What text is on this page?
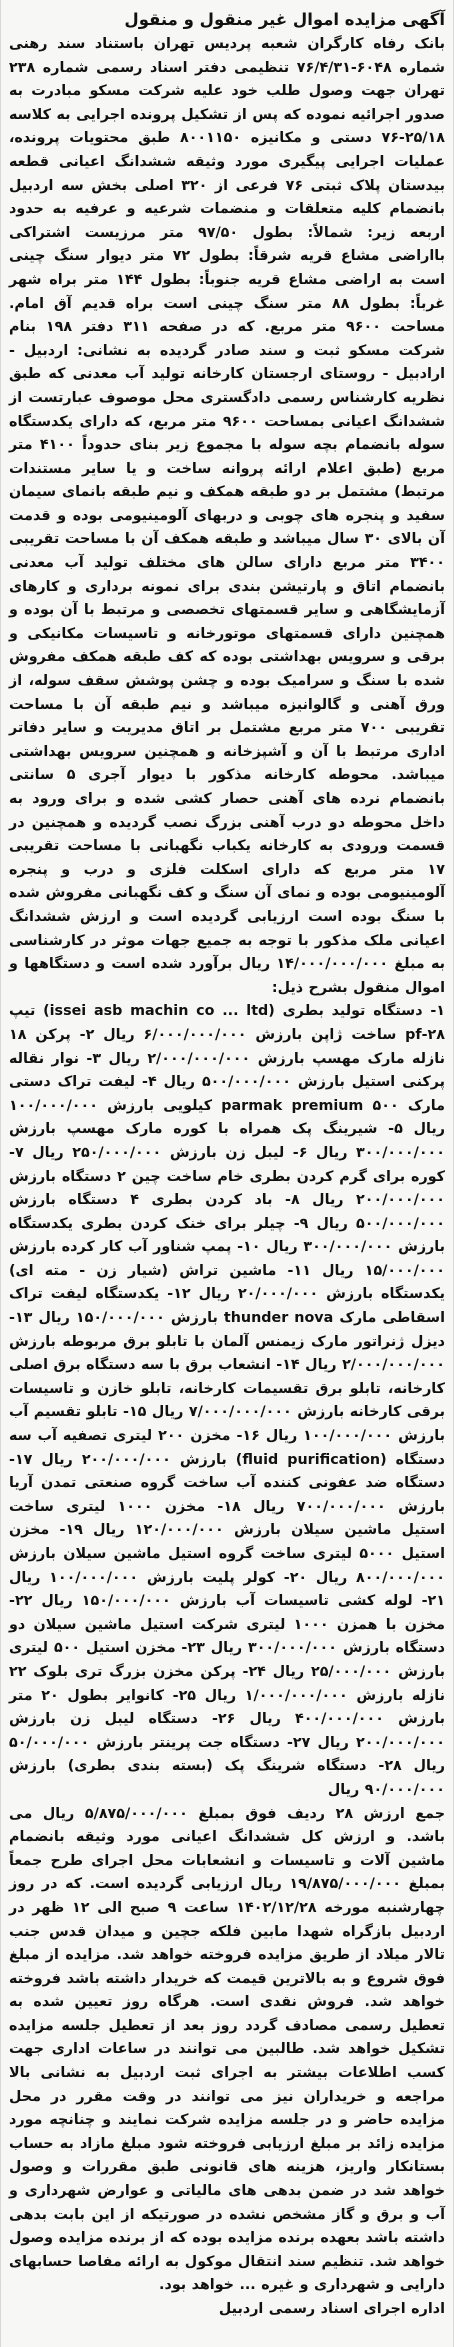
آگهی مزایده اموال غیر منقول و منقول
بانک رفاه کارگران شعبه پردیس تهران باستناد سند رهنی شماره ۶۰۴۸-۷۶/۴/۳۱ تنظیمی دفتر اسناد رسمی شماره ۲۳۸ تهران جهت وصول طلب خود علیه شرکت مسکو مبادرت به صدور اجرائیه نموده که پس از تشکیل پرونده اجرایی به کلاسه ۲۵/۱۸-۷۶ دستی و مکانیزه ۸۰۰۱۱۵۰ طبق محتویات پرونده، عملیات اجرایی پیگیری مورد وثیقه ششدانگ اعیانی قطعه بیدستان پلاک ثبتی ۷۶ فرعی از ۳۲۰ اصلی بخش سه اردبیل بانضمام کلیه متعلقات و منضمات شرعیه و عرفیه به حدود اربعه زیر: شمالاً: بطول ۹۷/۵۰ متر مرزیست اشتراکی بااراضی مشاع قریه شرقاً: بطول ۷۲ متر دیوار سنگ چینی است به اراضی مشاع قریه جنوباً: بطول ۱۴۴ متر براه شهر غرباً: بطول ۸۸ متر سنگ چینی است براه قدیم آق امام. مساحت ۹۶۰۰ متر مربع. که در صفحه ۳۱۱ دفتر ۱۹۸ بنام شرکت مسکو ثبت و سند صادر گردیده به نشانی: اردبیل - ارادبیل - روستای ارجستان کارخانه تولید آب معدنی که طبق نظریه کارشناس رسمی دادگستری محل موصوف عبارتست از ششدانگ اعیانی بمساحت ۹۶۰۰ متر مربع، که دارای یکدستگاه سوله بانضمام بچه سوله با مجموع زیر بنای حدوداً ۴۱۰۰ متر مربع (طبق اعلام ارائه پروانه ساخت و یا سایر مستندات مرتبط) مشتمل بر دو طبقه همکف و نیم طبقه بانمای سیمان سفید و پنجره های چوبی و دربهای آلومینیومی بوده و قدمت آن بالای ۳۰ سال میباشد و طبقه همکف آن با مساحت تقریبی ۳۴۰۰ متر مربع دارای سالن های مختلف تولید آب معدنی بانضمام اتاق و پارتیشن بندی برای نمونه برداری و کارهای آزمایشگاهی و سایر قسمتهای تخصصی و مرتبط با آن بوده و همچنین دارای قسمتهای موتورخانه و تاسیسات مکانیکی و برقی و سرویس بهداشتی بوده که کف طبقه همکف مفروش شده با سنگ و سرامیک بوده و چشن پوشش سقف سوله، از ورق آهنی و گالوانیزه میباشد و نیم طبقه آن با مساحت تقریبی ۷۰۰ متر مربع مشتمل بر اتاق مدیریت و سایر دفاتر اداری مرتبط با آن و آشپزخانه و همچنین سرویس بهداشتی میباشد. محوطه کارخانه مذکور با دیوار آجری ۵ سانتی بانضمام نرده های آهنی حصار کشی شده و برای ورود به داخل محوطه دو درب آهنی بزرگ نصب گردیده و همچنین در قسمت ورودی به کارخانه یکباب نگهبانی با مساحت تقریبی ۱۷ متر مربع که دارای اسکلت فلزی و درب و پنجره آلومینیومی بوده و نمای آن سنگ و کف نگهبانی مفروش شده با سنگ بوده است ارزیابی گردیده است و ارزش ششدانگ اعیانی ملک مذکور با توجه به جمیع جهات موثر در کارشناسی به مبلغ ۱۴/۰۰۰/۰۰۰/۰۰۰ ریال برآورد شده است و دستگاهها و اموال منقول بشرح ذیل:
۱- دستگاه تولید بطری (issei asb machin co ... ltd) تیپ ۲۸-pf ساخت ژاپن بارزش ۶/۰۰۰/۰۰۰/۰۰۰ ریال ۲- پرکن ۱۸ نازله مارک مهسپ بارزش ۲/۰۰۰/۰۰۰/۰۰۰ ریال ۳- نوار نقاله پرکنی استیل بارزش ۵۰۰/۰۰۰/۰۰۰ ریال ۴- لیفت تراک دستی مارک parmak premium ۵۰۰ کیلویی بارزش ۱۰۰/۰۰۰/۰۰۰ ریال ۵- شیرینگ پک همراه با کوره مارک مهسپ بارزش ۳۰۰/۰۰۰/۰۰۰ ریال ۶- لیبل زن بارزش ۲۵۰/۰۰۰/۰۰۰ ریال ۷- کوره برای گرم کردن بطری خام ساخت چین ۲ دستگاه بارزش ۲۰۰/۰۰۰/۰۰۰ ریال ۸- باد کردن بطری ۴ دستگاه بارزش ۵۰۰/۰۰۰/۰۰۰ ریال ۹- چیلر برای خنک کردن بطری یکدستگاه بارزش ۳۰۰/۰۰۰/۰۰۰ ریال ۱۰- پمپ شناور آب کار کرده بارزش ۱۵/۰۰۰/۰۰۰ ریال ۱۱- ماشین تراش (شیار زن - مته ای) یکدستگاه بارزش ۲۰/۰۰۰/۰۰۰ ریال ۱۲- یکدستگاه لیفت تراک اسقاطی مارک thunder nova بارزش ۱۵۰/۰۰۰/۰۰۰ ریال ۱۳- دیزل ژنراتور مارک زیمنس آلمان با تابلو برق مربوطه بارزش ۲/۰۰۰/۰۰۰/۰۰۰ ریال ۱۴- انشعاب برق با سه دستگاه برق اصلی کارخانه، تابلو برق تقسیمات کارخانه، تابلو خازن و تاسیسات برقی کارخانه بارزش ۷/۰۰۰/۰۰۰/۰۰۰ ریال ۱۵- تابلو تقسیم آب بارزش ۱۰۰/۰۰۰/۰۰۰ ریال ۱۶- مخزن ۲۰۰ لیتری تصفیه آب سه دستگاه (fluid purification) بارزش ۲۰۰/۰۰۰/۰۰۰ ریال ۱۷- دستگاه ضد عفونی کننده آب ساخت گروه صنعتی تمدن آریا بارزش ۷۰۰/۰۰۰/۰۰۰ ریال ۱۸- مخزن ۱۰۰۰ لیتری ساخت استیل ماشین سیلان بارزش ۱۲۰/۰۰۰/۰۰۰ ریال ۱۹- مخزن استیل ۵۰۰۰ لیتری ساخت گروه استیل ماشین سیلان بارزش ۸۰۰/۰۰۰/۰۰۰ ریال ۲۰- کولر پلیت بارزش ۱۰۰/۰۰۰/۰۰۰ ریال ۲۱- لوله کشی تاسیسات آب بارزش ۱۵۰/۰۰۰/۰۰۰ ریال ۲۲- مخزن با همزن ۱۰۰۰ لیتری شرکت استیل ماشین سیلان دو دستگاه بارزش ۳۰۰/۰۰۰/۰۰۰ ریال ۲۳- مخزن استیل ۵۰۰ لیتری بارزش ۲۵/۰۰۰/۰۰۰ ریال ۲۴- پرکن مخزن بزرگ تری بلوک ۲۲ نازله بارزش ۱/۰۰۰/۰۰۰/۰۰۰ ریال ۲۵- کانوایر بطول ۲۰ متر بارزش ۴۰۰/۰۰۰/۰۰۰ ریال ۲۶- دستگاه لیبل زن بارزش ۲۰۰/۰۰۰/۰۰۰ ریال ۲۷- دستگاه جت پرینتر بارزش ۵۰/۰۰۰/۰۰۰ ریال ۲۸- دستگاه شرینگ پک (بسته بندی بطری) بارزش ۹۰/۰۰۰/۰۰۰ ریال
جمع ارزش ۲۸ ردیف فوق بمبلغ ۵/۸۷۵/۰۰۰/۰۰۰ ریال می باشد. و ارزش کل ششدانگ اعیانی مورد وثیقه بانضمام ماشین آلات و تاسیسات و انشعابات محل اجرای طرح جمعاً بمبلغ ۱۹/۸۷۵/۰۰۰/۰۰۰ ریال ارزیابی گردیده است. که در روز چهارشنبه مورخه ۱۴۰۲/۱۲/۲۸ ساعت ۹ صبح الی ۱۲ ظهر در اردبیل بازگراه شهدا مابین فلکه جچین و میدان قدس جنب تالار میلاد از طریق مزایده فروخته خواهد شد. مزایده از مبلغ فوق شروع و به بالاترین قیمت که خریدار داشته باشد فروخته خواهد شد. فروش نقدی است. هرگاه روز تعیین شده به تعطیل رسمی مصادف گردد روز بعد از تعطیل جلسه مزایده تشکیل خواهد شد. طالبین می توانند در ساعات اداری جهت کسب اطلاعات بیشتر به اجرای ثبت اردبیل به نشانی بالا مراجعه و خریداران نیز می توانند در وقت مقرر در محل مزایده حاضر و در جلسه مزایده شرکت نمایند و چنانچه مورد مزایده زائد بر مبلغ ارزیابی فروخته شود مبلغ مازاد به حساب بستانکار واریز، هزینه های قانونی طبق مقررات و وصول خواهد شد در ضمن بدهی های مالیاتی و عوارض شهرداری و آب و برق و گاز مشخص نشده در صورتیکه از این بابت بدهی داشته باشد بعهده برنده مزایده بوده که از برنده مزایده وصول خواهد شد. تنظیم سند انتقال موکول به ارائه مفاصا حسابهای دارایی و شهرداری و غیره ... خواهد بود.
اداره اجرای اسناد رسمی اردبیل
